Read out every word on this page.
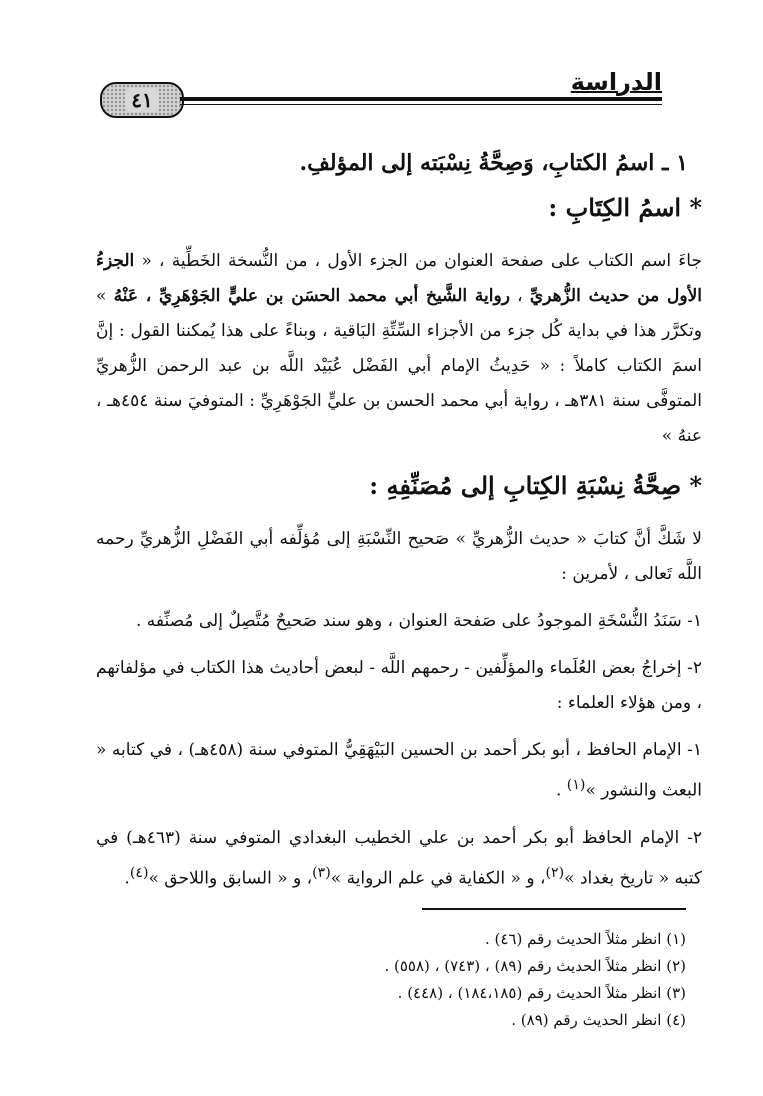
٤١
الدراسة

١ ـ اسمُ الكتابِ، وَصِحَّةُ نِسْبَته إلى المؤلفِ.

* اسمُ الكِتَابِ :

جاءَ اسم الكتاب على صفحة العنوان من الجزء الأول ، من النُّسخة الخَطِّية ، « الجزءُ الأول من حديث الزُّهريِّ ، رواية الشَّيخ أبي محمد الحسَن بن عليٍّ الجَوْهَرِيِّ ، عَنْهُ » وتكرَّر هذا في بداية كُل جزء من الأجزاء السِّتِّةِ البَاقية ، وبناءً على هذا يُمكننا القول : إنَّ اسمَ الكتاب كاملاً : « حَدِيثُ الإمام أبي الفَضْل عُبَيْد اللَّه بن عبد الرحمن الزُّهريِّ المتوفَّى سنة ٣٨١هـ ، رواية أبي محمد الحسن بن عليٍّ الجَوْهَرِيِّ : المتوفيَ سنة ٤٥٤هـ ، عنهُ »

* صِحَّةُ نِسْبَةِ الكِتابِ إلى مُصَنِّفِهِ :

لا شَكَّ أنَّ كتابَ « حديث الزُّهريِّ » صَحيح النِّسْبَةِ إلى مُؤلِّفه أبي الفَضْلِ الزُّهريِّ رحمه اللَّه تَعالى ، لأمرين :

١- سَنَدُ النُّسْخَةِ الموجودُ على صَفحة العنوان ، وهو سند صَحيحٌ مُتَّصِلٌ إلى مُصنِّفه .

٢- إخراجُ بعض العُلَماء والمؤلِّفين - رحمهم اللَّه - لبعض أحاديث هذا الكتاب في مؤلفاتهم ، ومن هؤلاء العلماء :

١- الإمام الحافظ ، أبو بكر أحمد بن الحسين البَيْهَقِيُّ المتوفي سنة (٤٥٨هـ) ، في كتابه « البعث والنشور »$^{(١)}$ .

٢- الإمام الحافظ أبو بكر أحمد بن علي الخطيب البغدادي المتوفي سنة (٤٦٣هـ) في كتبه « تاريخ بغداد »$^{(٢)}$، و « الكفاية في علم الرواية »$^{(٣)}$، و « السابق واللاحق »$^{(٤)}$.

(١) انظر مثلاً الحديث رقم (٤٦) .

(٢) انظر مثلاً الحديث رقم (٨٩) ، (٧٤٣) ، (٥٥٨) .

(٣) انظر مثلاً الحديث رقم (١٨٤،١٨٥) ، (٤٤٨) .

(٤) انظر الحديث رقم (٨٩) .
